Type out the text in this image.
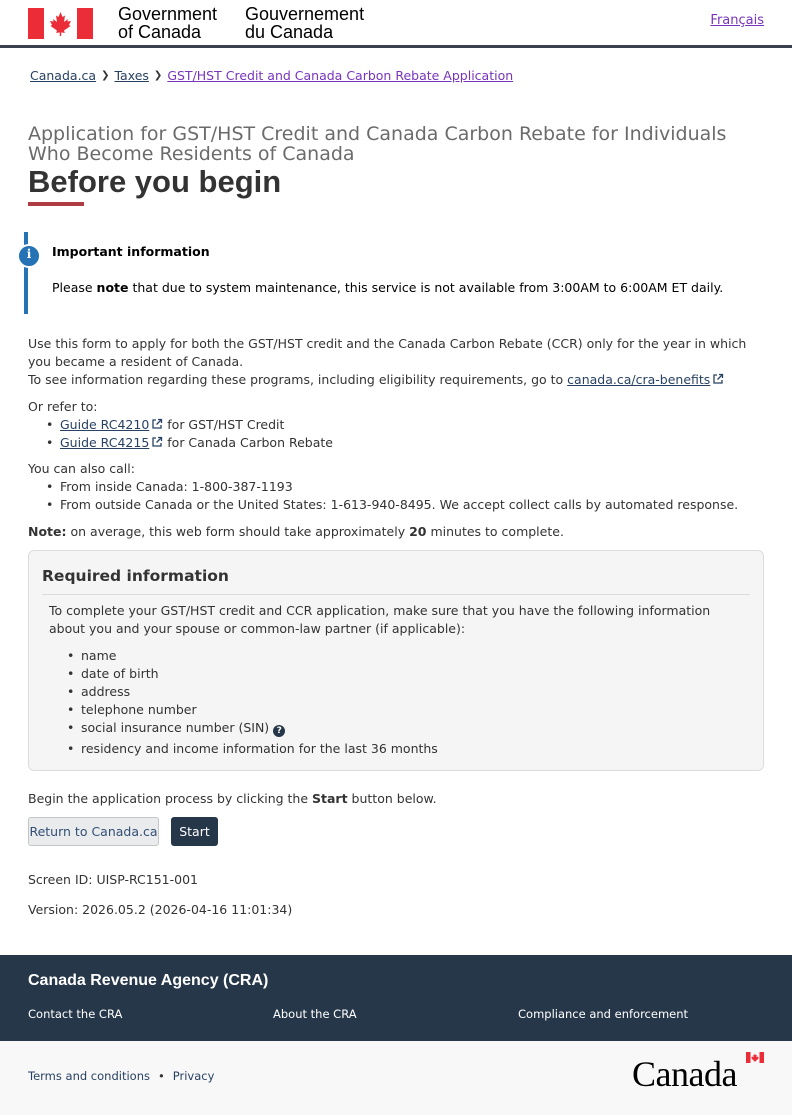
Government
of Canada
Gouvernement
du Canada
Français
Canada.ca ❯ Taxes ❯ GST/HST Credit and Canada Carbon Rebate Application
Application for GST/HST Credit and Canada Carbon Rebate for Individuals Who Become Residents of Canada
Before you begin
i	Important information
Please note that due to system maintenance, this service is not available from 3:00AM to 6:00AM ET daily.
Use this form to apply for both the GST/HST credit and the Canada Carbon Rebate (CCR) only for the year in which you became a resident of Canada.
To see information regarding these programs, including eligibility requirements, go to canada.ca/cra-benefits
Or refer to:
• Guide RC4210 for GST/HST Credit
• Guide RC4215 for Canada Carbon Rebate
You can also call:
• From inside Canada: 1-800-387-1193
• From outside Canada or the United States: 1-613-940-8495. We accept collect calls by automated response.
Note: on average, this web form should take approximately 20 minutes to complete.
Required information
To complete your GST/HST credit and CCR application, make sure that you have the following information about you and your spouse or common-law partner (if applicable):
• name
• date of birth
• address
• telephone number
• social insurance number (SIN) ?
• residency and income information for the last 36 months
Begin the application process by clicking the Start button below.
Return to Canada.ca	Start
Screen ID: UISP-RC151-001
Version: 2026.05.2 (2026-04-16 11:01:34)
Canada Revenue Agency (CRA)
Contact the CRA	About the CRA	Compliance and enforcement
Terms and conditions • Privacy	Canada
